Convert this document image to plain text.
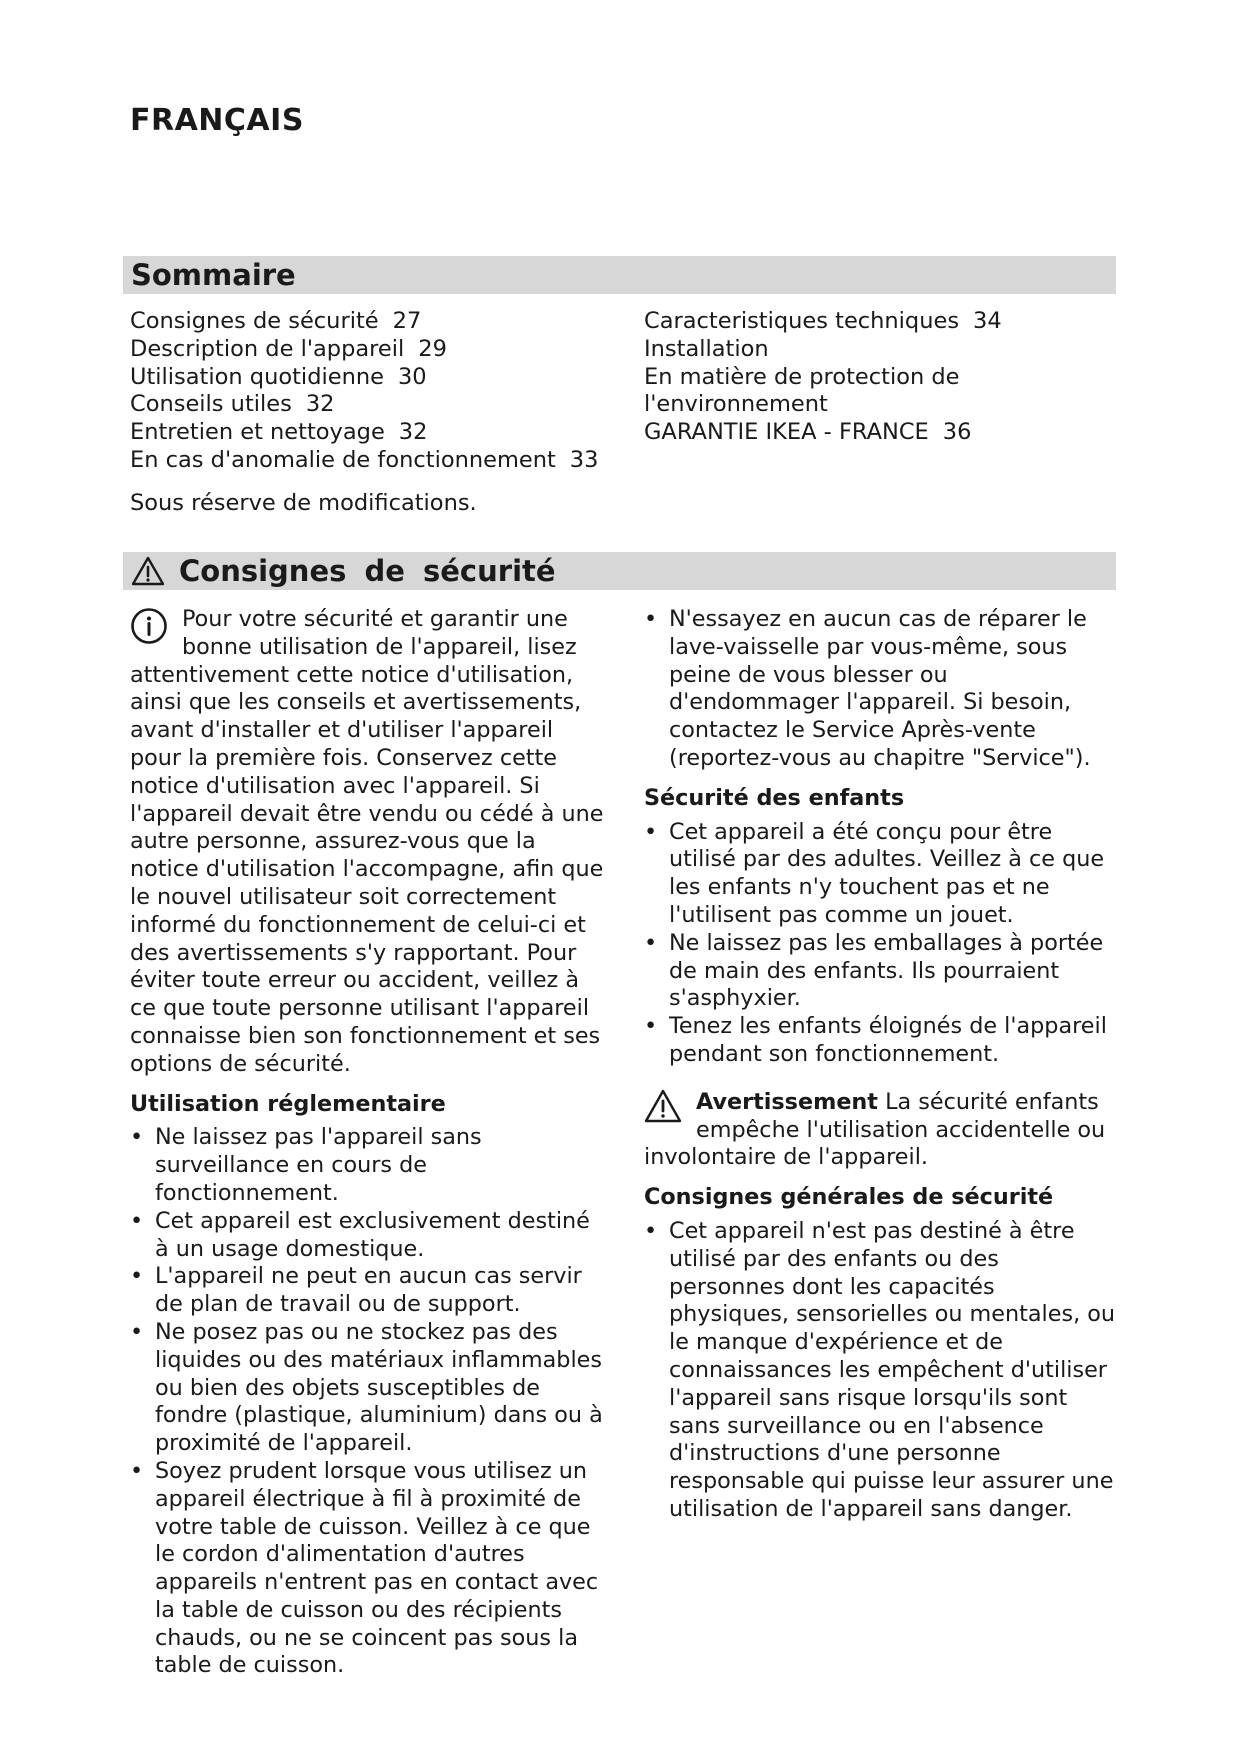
FRANÇAIS
Sommaire
Consignes de sécurité 27
Description de l'appareil 29
Utilisation quotidienne 30
Conseils utiles 32
Entretien et nettoyage 32
En cas d'anomalie de fonctionnement 33
Caracteristiques techniques 34
Installation
En matière de protection de
l'environnement
GARANTIE IKEA - FRANCE 36
Sous réserve de modifications.
Consignes de sécurité
Pour votre sécurité et garantir une bonne utilisation de l'appareil, lisez attentivement cette notice d'utilisation, ainsi que les conseils et avertissements, avant d'installer et d'utiliser l'appareil pour la première fois. Conservez cette notice d'utilisation avec l'appareil. Si l'appareil devait être vendu ou cédé à une autre personne, assurez-vous que la notice d'utilisation l'accompagne, afin que le nouvel utilisateur soit correctement informé du fonctionnement de celui-ci et des avertissements s'y rapportant. Pour éviter toute erreur ou accident, veillez à ce que toute personne utilisant l'appareil connaisse bien son fonctionnement et ses options de sécurité.
Utilisation réglementaire
• Ne laissez pas l'appareil sans surveillance en cours de fonctionnement.
• Cet appareil est exclusivement destiné à un usage domestique.
• L'appareil ne peut en aucun cas servir de plan de travail ou de support.
• Ne posez pas ou ne stockez pas des liquides ou des matériaux inflammables ou bien des objets susceptibles de fondre (plastique, aluminium) dans ou à proximité de l'appareil.
• Soyez prudent lorsque vous utilisez un appareil électrique à fil à proximité de votre table de cuisson. Veillez à ce que le cordon d'alimentation d'autres appareils n'entrent pas en contact avec la table de cuisson ou des récipients chauds, ou ne se coincent pas sous la table de cuisson.
• N'essayez en aucun cas de réparer le lave-vaisselle par vous-même, sous peine de vous blesser ou d'endommager l'appareil. Si besoin, contactez le Service Après-vente (reportez-vous au chapitre "Service").
Sécurité des enfants
• Cet appareil a été conçu pour être utilisé par des adultes. Veillez à ce que les enfants n'y touchent pas et ne l'utilisent pas comme un jouet.
• Ne laissez pas les emballages à portée de main des enfants. Ils pourraient s'asphyxier.
• Tenez les enfants éloignés de l'appareil pendant son fonctionnement.
Avertissement La sécurité enfants empêche l'utilisation accidentelle ou involontaire de l'appareil.
Consignes générales de sécurité
• Cet appareil n'est pas destiné à être utilisé par des enfants ou des personnes dont les capacités physiques, sensorielles ou mentales, ou le manque d'expérience et de connaissances les empêchent d'utiliser l'appareil sans risque lorsqu'ils sont sans surveillance ou en l'absence d'instructions d'une personne responsable qui puisse leur assurer une utilisation de l'appareil sans danger.
